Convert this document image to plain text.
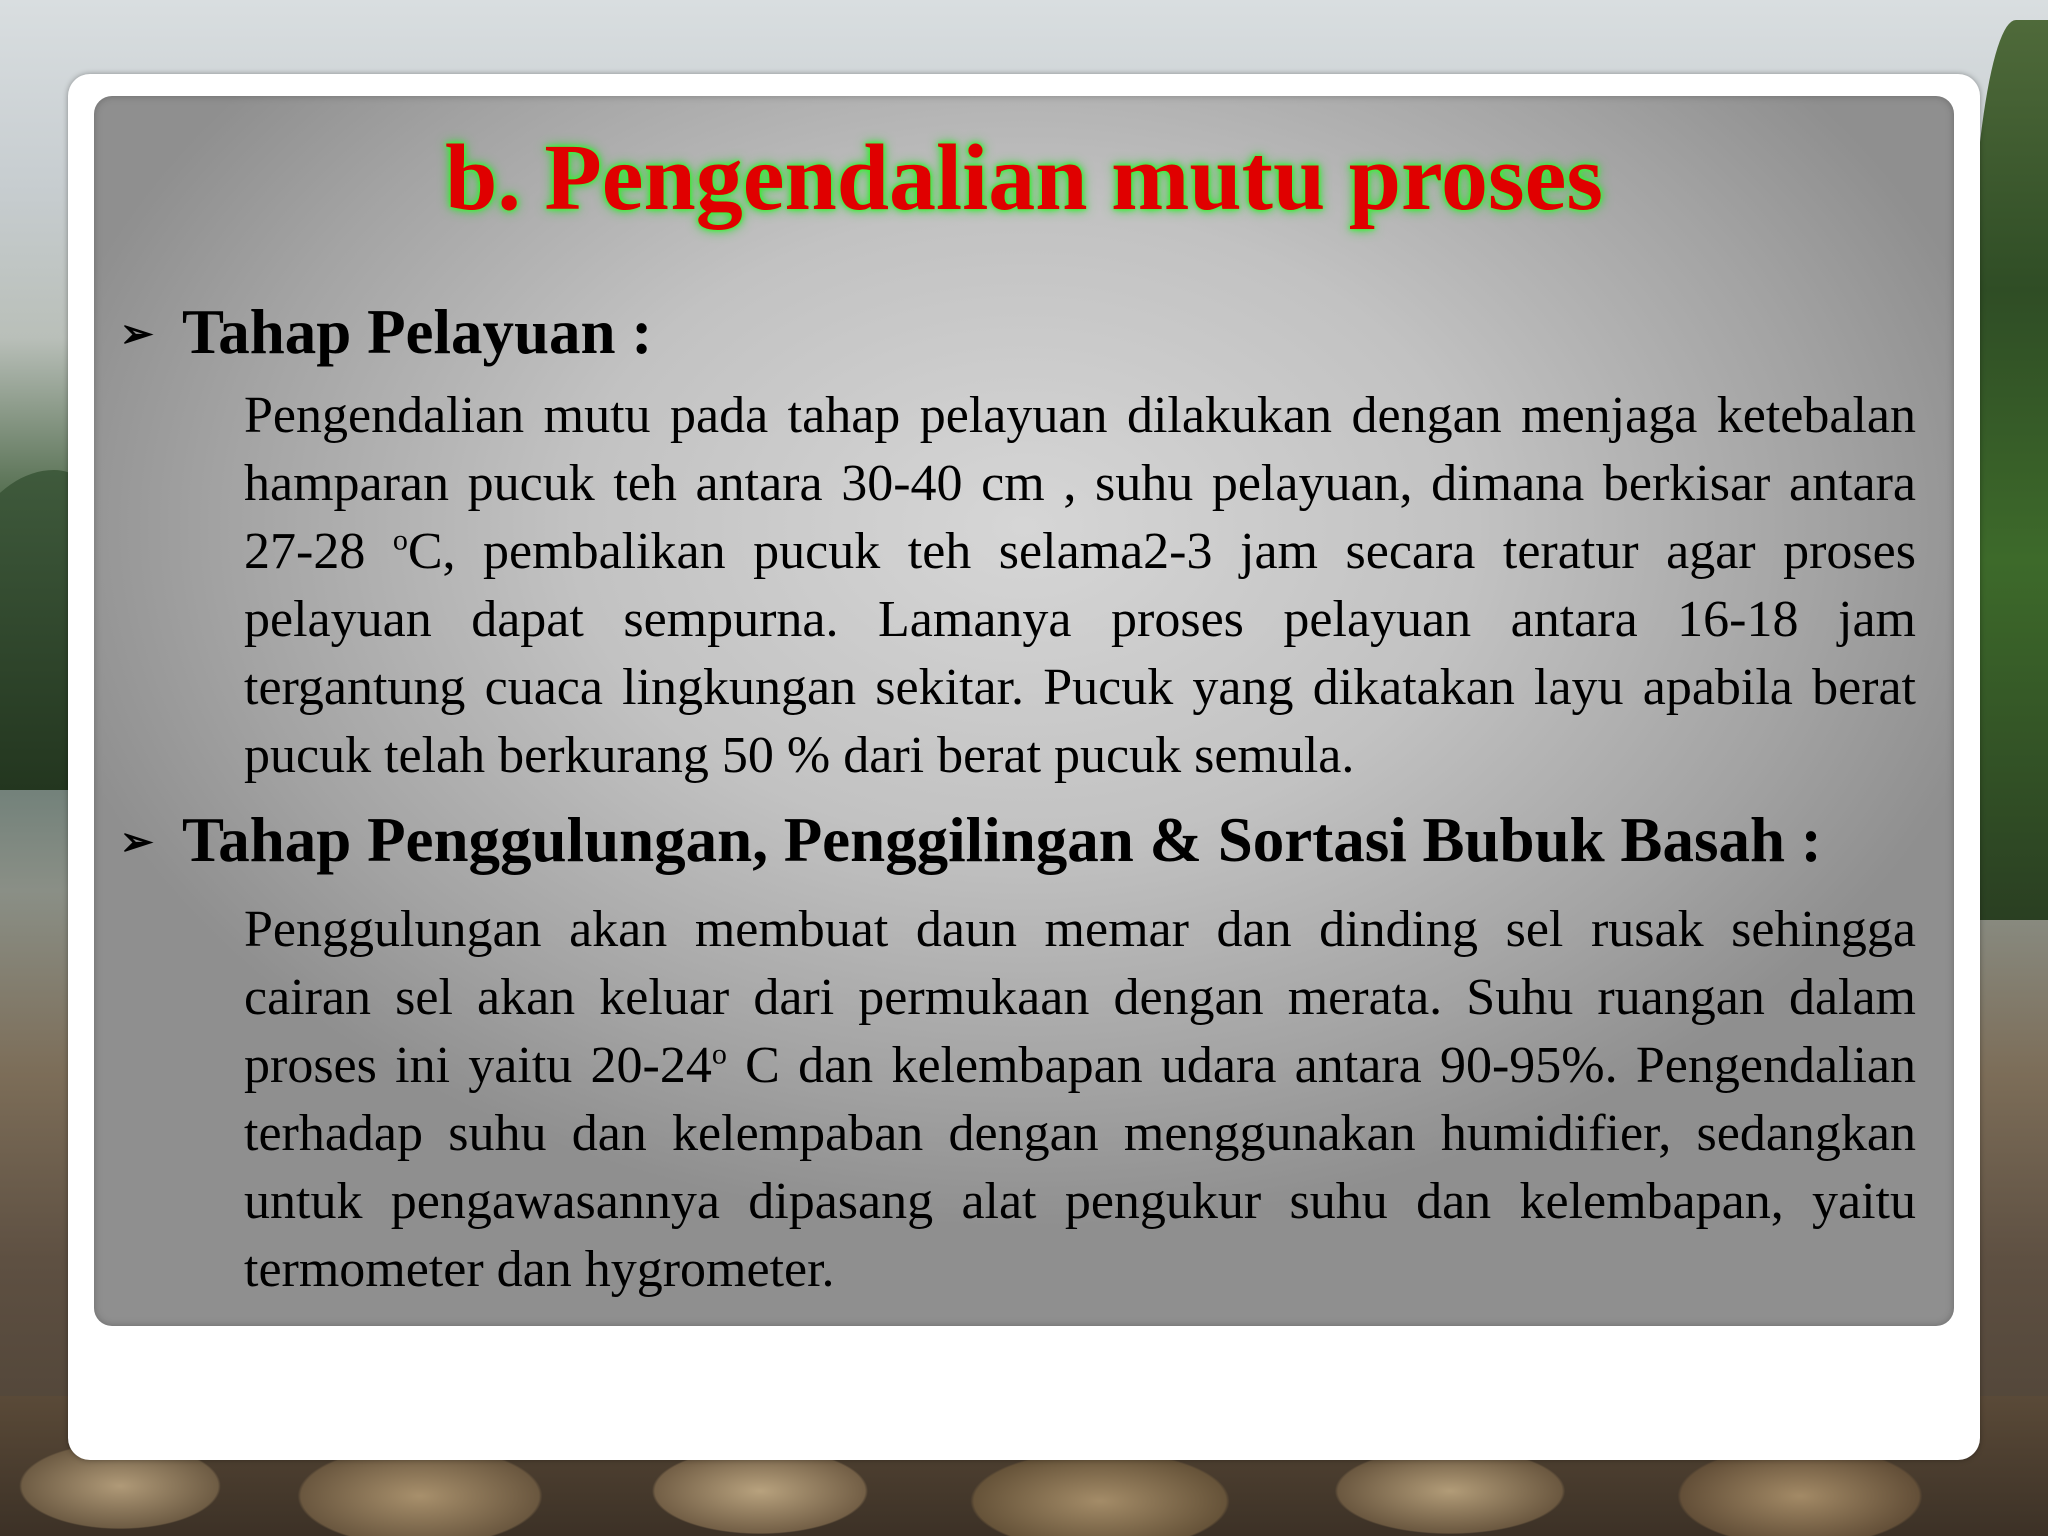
b. Pengendalian mutu proses
➢ Tahap Pelayuan :
Pengendalian mutu pada tahap pelayuan dilakukan dengan menjaga ketebalan hamparan pucuk teh antara 30-40 cm , suhu pelayuan, dimana berkisar antara 27-28 $^o$C, pembalikan pucuk teh selama2-3 jam secara teratur agar proses pelayuan dapat sempurna. Lamanya proses pelayuan antara 16-18 jam tergantung cuaca lingkungan sekitar. Pucuk yang dikatakan layu apabila berat pucuk telah berkurang 50 % dari berat pucuk semula.
➢ Tahap Penggulungan, Penggilingan & Sortasi Bubuk Basah :
Penggulungan akan membuat daun memar dan dinding sel rusak sehingga cairan sel akan keluar dari permukaan dengan merata. Suhu ruangan dalam proses ini yaitu 20-24$^o$ C dan kelembapan udara antara 90-95%. Pengendalian terhadap suhu dan kelempaban dengan menggunakan humidifier, sedangkan untuk pengawasannya dipasang alat pengukur suhu dan kelembapan, yaitu termometer dan hygrometer.
